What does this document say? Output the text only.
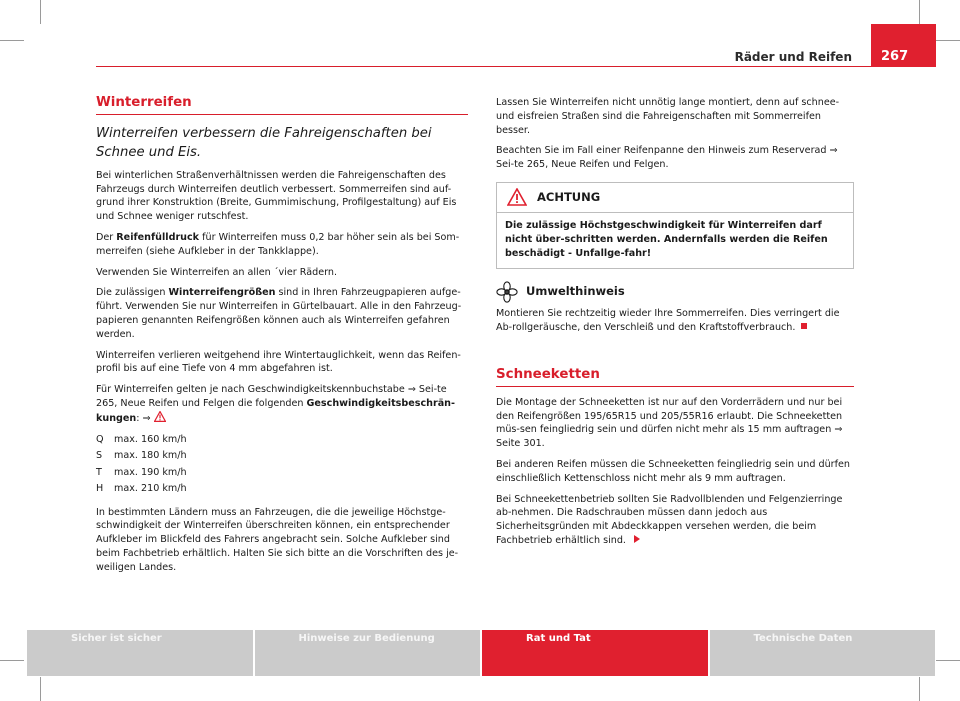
Räder und Reifen	267
Winterreifen
Winterreifen verbessern die Fahreigenschaften bei Schnee und Eis.

Bei winterlichen Straßenverhältnissen werden die Fahreigenschaften des Fahrzeugs durch Winterreifen deutlich verbessert. Sommerreifen sind auf-grund ihrer Konstruktion (Breite, Gummimischung, Profilgestaltung) auf Eis und Schnee weniger rutschfest.

Der Reifenfülldruck für Winterreifen muss 0,2 bar höher sein als bei Som-merreifen (siehe Aufkleber in der Tankklappe).

Verwenden Sie Winterreifen an allen ´vier Rädern.

Die zulässigen Winterreifengrößen sind in Ihren Fahrzeugpapieren aufge-führt. Verwenden Sie nur Winterreifen in Gürtelbauart. Alle in den Fahrzeug-papieren genannten Reifengrößen können auch als Winterreifen gefahren werden.

Winterreifen verlieren weitgehend ihre Wintertauglichkeit, wenn das Reifen-profil bis auf eine Tiefe von 4 mm abgefahren ist.

Für Winterreifen gelten je nach Geschwindigkeitskennbuchstabe ⇒ Sei-te 265, Neue Reifen und Felgen die folgenden Geschwindigkeitsbeschrän-kungen: ⇒

Q	max. 160 km/h
S	max. 180 km/h
T	max. 190 km/h
H	max. 210 km/h

In bestimmten Ländern muss an Fahrzeugen, die die jeweilige Höchstge-schwindigkeit der Winterreifen überschreiten können, ein entsprechender Aufkleber im Blickfeld des Fahrers angebracht sein. Solche Aufkleber sind beim Fachbetrieb erhältlich. Halten Sie sich bitte an die Vorschriften des je-weiligen Landes.

Lassen Sie Winterreifen nicht unnötig lange montiert, denn auf schnee- und eisfreien Straßen sind die Fahreigenschaften mit Sommerreifen besser.

Beachten Sie im Fall einer Reifenpanne den Hinweis zum Reserverad ⇒ Sei-te 265, Neue Reifen und Felgen.

ACHTUNG
Die zulässige Höchstgeschwindigkeit für Winterreifen darf nicht über-schritten werden. Andernfalls werden die Reifen beschädigt - Unfallge-fahr!
Umwelthinweis

Montieren Sie rechtzeitig wieder Ihre Sommerreifen. Dies verringert die Ab-rollgeräusche, den Verschleiß und den Kraftstoffverbrauch.

Schneeketten

Die Montage der Schneeketten ist nur auf den Vorderrädern und nur bei den Reifengrößen 195/65R15 und 205/55R16 erlaubt. Die Schneeketten müs-sen feingliedrig sein und dürfen nicht mehr als 15 mm auftragen ⇒ Seite 301.

Bei anderen Reifen müssen die Schneeketten feingliedrig sein und dürfen einschließlich Kettenschloss nicht mehr als 9 mm auftragen.

Bei Schneekettenbetrieb sollten Sie Radvollblenden und Felgenzierringe ab-nehmen. Die Radschrauben müssen dann jedoch aus Sicherheitsgründen mit Abdeckkappen versehen werden, die beim Fachbetrieb erhältlich sind.

Sicher ist sicher	Hinweise zur Bedienung	Rat und Tat	Technische Daten
